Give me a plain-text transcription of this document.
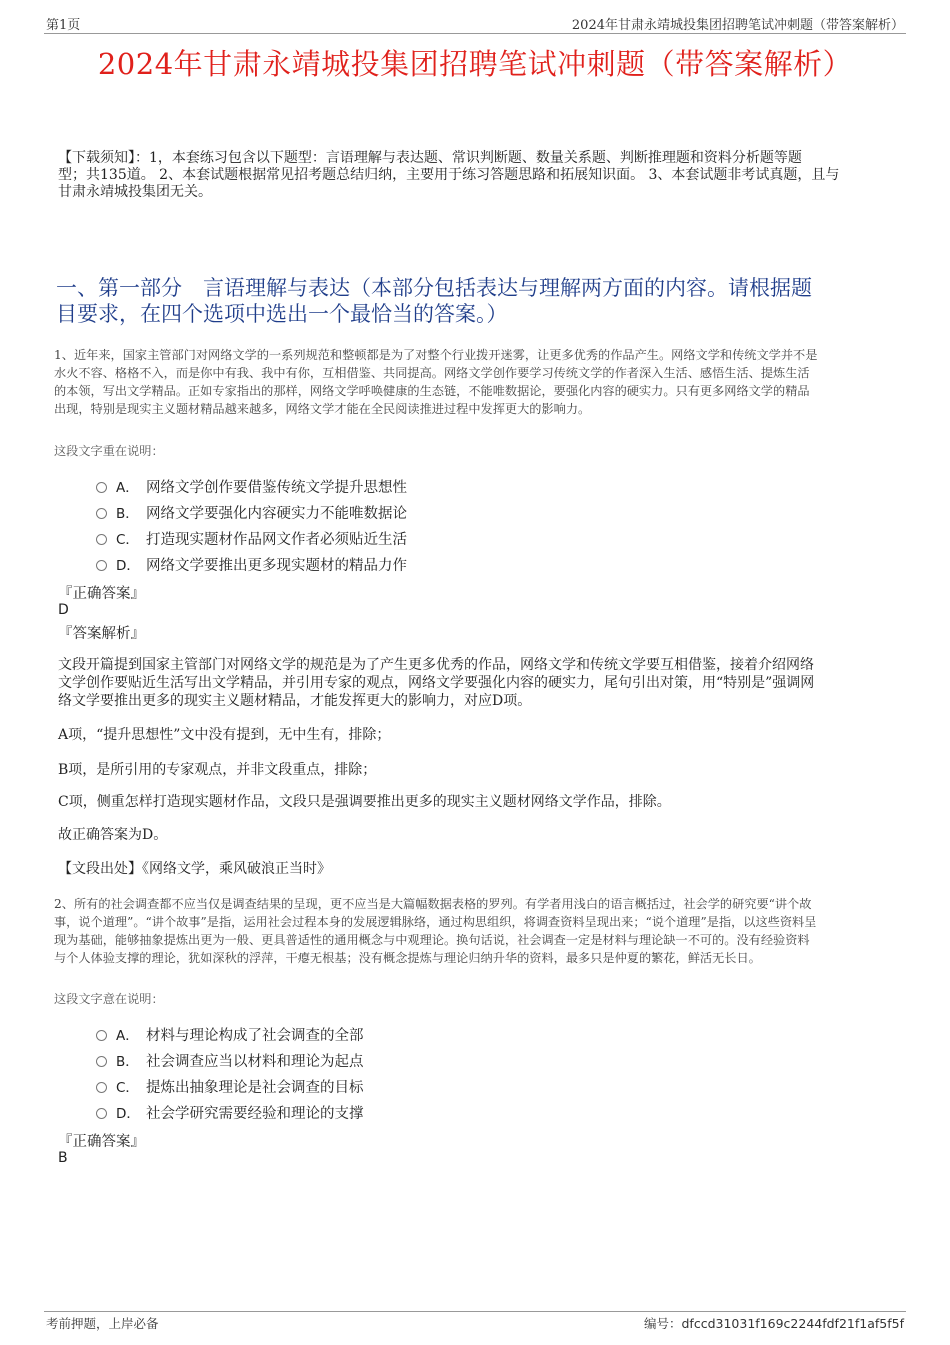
第1页	2024年甘肃永靖城投集团招聘笔试冲刺题（带答案解析）
2024年甘肃永靖城投集团招聘笔试冲刺题（带答案解析）
【下载须知】：1，本套练习包含以下题型：言语理解与表达题、常识判断题、数量关系题、判断推理题和资料分析题等题
型；共135道。 2、本套试题根据常见招考题总结归纳，主要用于练习答题思路和拓展知识面。 3、本套试题非考试真题，且与
甘肃永靖城投集团无关。
一、第一部分　言语理解与表达（本部分包括表达与理解两方面的内容。请根据题
目要求，在四个选项中选出一个最恰当的答案。）
1、近年来，国家主管部门对网络文学的一系列规范和整顿都是为了对整个行业拨开迷雾，让更多优秀的作品产生。网络文学和传统文学并不是
水火不容、格格不入，而是你中有我、我中有你，互相借鉴、共同提高。网络文学创作要学习传统文学的作者深入生活、感悟生活、提炼生活
的本领，写出文学精品。正如专家指出的那样，网络文学呼唤健康的生态链，不能唯数据论，要强化内容的硬实力。只有更多网络文学的精品
出现，特别是现实主义题材精品越来越多，网络文学才能在全民阅读推进过程中发挥更大的影响力。
这段文字重在说明：
A． 网络文学创作要借鉴传统文学提升思想性
B． 网络文学要强化内容硬实力不能唯数据论
C． 打造现实题材作品网文作者必须贴近生活
D． 网络文学要推出更多现实题材的精品力作
『正确答案』
D
『答案解析』
文段开篇提到国家主管部门对网络文学的规范是为了产生更多优秀的作品，网络文学和传统文学要互相借鉴，接着介绍网络
文学创作要贴近生活写出文学精品，并引用专家的观点，网络文学要强化内容的硬实力，尾句引出对策，用“特别是”强调网
络文学要推出更多的现实主义题材精品，才能发挥更大的影响力，对应D项。
A项，“提升思想性”文中没有提到，无中生有，排除；
B项，是所引用的专家观点，并非文段重点，排除；
C项，侧重怎样打造现实题材作品，文段只是强调要推出更多的现实主义题材网络文学作品，排除。
故正确答案为D。
【文段出处】《网络文学，乘风破浪正当时》
2、所有的社会调查都不应当仅是调查结果的呈现，更不应当是大篇幅数据表格的罗列。有学者用浅白的语言概括过，社会学的研究要“讲个故
事，说个道理”。“讲个故事”是指，运用社会过程本身的发展逻辑脉络，通过构思组织，将调查资料呈现出来；“说个道理”是指，以这些资料呈
现为基础，能够抽象提炼出更为一般、更具普适性的通用概念与中观理论。换句话说，社会调查一定是材料与理论缺一不可的。没有经验资料
与个人体验支撑的理论，犹如深秋的浮萍，干瘪无根基；没有概念提炼与理论归纳升华的资料，最多只是仲夏的繁花，鲜活无长日。
这段文字意在说明：
A． 材料与理论构成了社会调查的全部
B． 社会调查应当以材料和理论为起点
C． 提炼出抽象理论是社会调查的目标
D． 社会学研究需要经验和理论的支撑
『正确答案』
B
考前押题，上岸必备	编号：dfccd31031f169c2244fdf21f1af5f5f
